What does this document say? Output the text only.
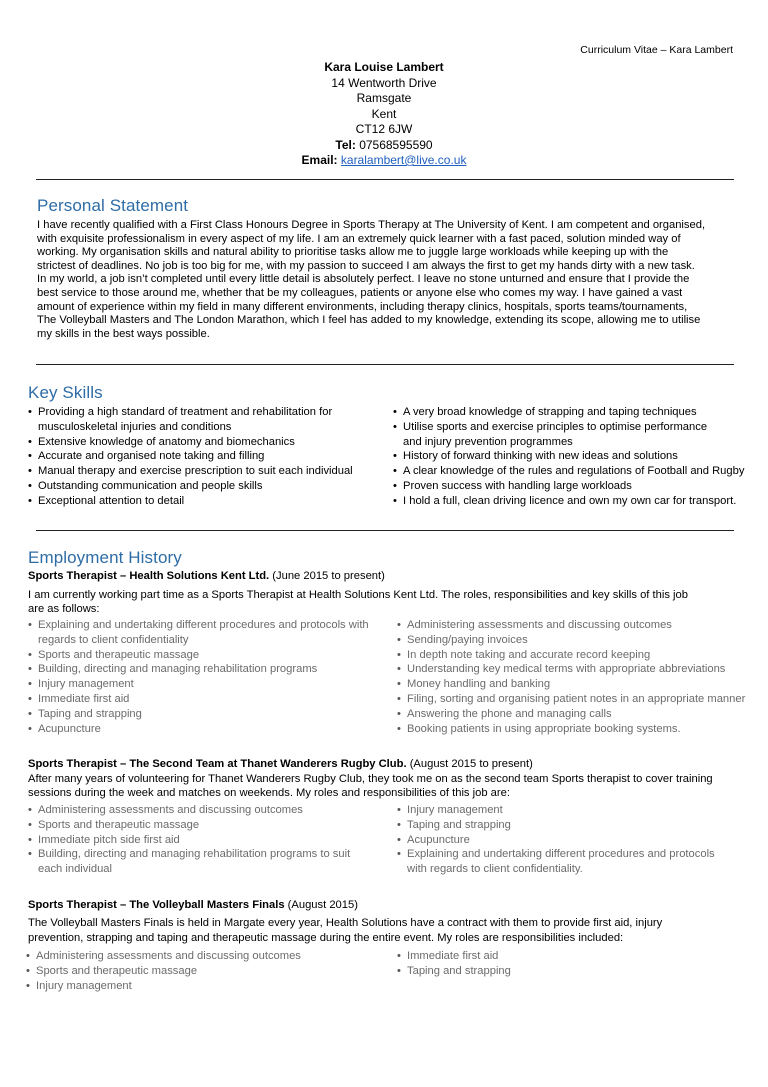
Curriculum Vitae – Kara Lambert
Kara Louise Lambert
14 Wentworth Drive
Ramsgate
Kent
CT12 6JW
Tel: 07568595590
Email: karalambert@live.co.uk
Personal Statement
I have recently qualified with a First Class Honours Degree in Sports Therapy at The University of Kent. I am competent and organised,
with exquisite professionalism in every aspect of my life. I am an extremely quick learner with a fast paced, solution minded way of
working. My organisation skills and natural ability to prioritise tasks allow me to juggle large workloads while keeping up with the
strictest of deadlines. No job is too big for me, with my passion to succeed I am always the first to get my hands dirty with a new task.
In my world, a job isn’t completed until every little detail is absolutely perfect. I leave no stone unturned and ensure that I provide the
best service to those around me, whether that be my colleagues, patients or anyone else who comes my way. I have gained a vast
amount of experience within my field in many different environments, including therapy clinics, hospitals, sports teams/tournaments,
The Volleyball Masters and The London Marathon, which I feel has added to my knowledge, extending its scope, allowing me to utilise
my skills in the best ways possible.
Key Skills
• Providing a high standard of treatment and rehabilitation for
musculoskeletal injuries and conditions
• Extensive knowledge of anatomy and biomechanics
• Accurate and organised note taking and filling
• Manual therapy and exercise prescription to suit each individual
• Outstanding communication and people skills
• Exceptional attention to detail
• A very broad knowledge of strapping and taping techniques
• Utilise sports and exercise principles to optimise performance
and injury prevention programmes
• History of forward thinking with new ideas and solutions
• A clear knowledge of the rules and regulations of Football and Rugby
• Proven success with handling large workloads
• I hold a full, clean driving licence and own my own car for transport.
Employment History
Sports Therapist – Health Solutions Kent Ltd. (June 2015 to present)
I am currently working part time as a Sports Therapist at Health Solutions Kent Ltd. The roles, responsibilities and key skills of this job
are as follows:
• Explaining and undertaking different procedures and protocols with
regards to client confidentiality
• Sports and therapeutic massage
• Building, directing and managing rehabilitation programs
• Injury management
• Immediate first aid
• Taping and strapping
• Acupuncture
• Administering assessments and discussing outcomes
• Sending/paying invoices
• In depth note taking and accurate record keeping
• Understanding key medical terms with appropriate abbreviations
• Money handling and banking
• Filing, sorting and organising patient notes in an appropriate manner
• Answering the phone and managing calls
• Booking patients in using appropriate booking systems.
Sports Therapist – The Second Team at Thanet Wanderers Rugby Club. (August 2015 to present)
After many years of volunteering for Thanet Wanderers Rugby Club, they took me on as the second team Sports therapist to cover training
sessions during the week and matches on weekends. My roles and responsibilities of this job are:
• Administering assessments and discussing outcomes
• Sports and therapeutic massage
• Immediate pitch side first aid
• Building, directing and managing rehabilitation programs to suit
each individual
• Injury management
• Taping and strapping
• Acupuncture
• Explaining and undertaking different procedures and protocols
with regards to client confidentiality.
Sports Therapist – The Volleyball Masters Finals (August 2015)
The Volleyball Masters Finals is held in Margate every year, Health Solutions have a contract with them to provide first aid, injury
prevention, strapping and taping and therapeutic massage during the entire event. My roles are responsibilities included:
• Administering assessments and discussing outcomes
• Sports and therapeutic massage
• Injury management
• Immediate first aid
• Taping and strapping
